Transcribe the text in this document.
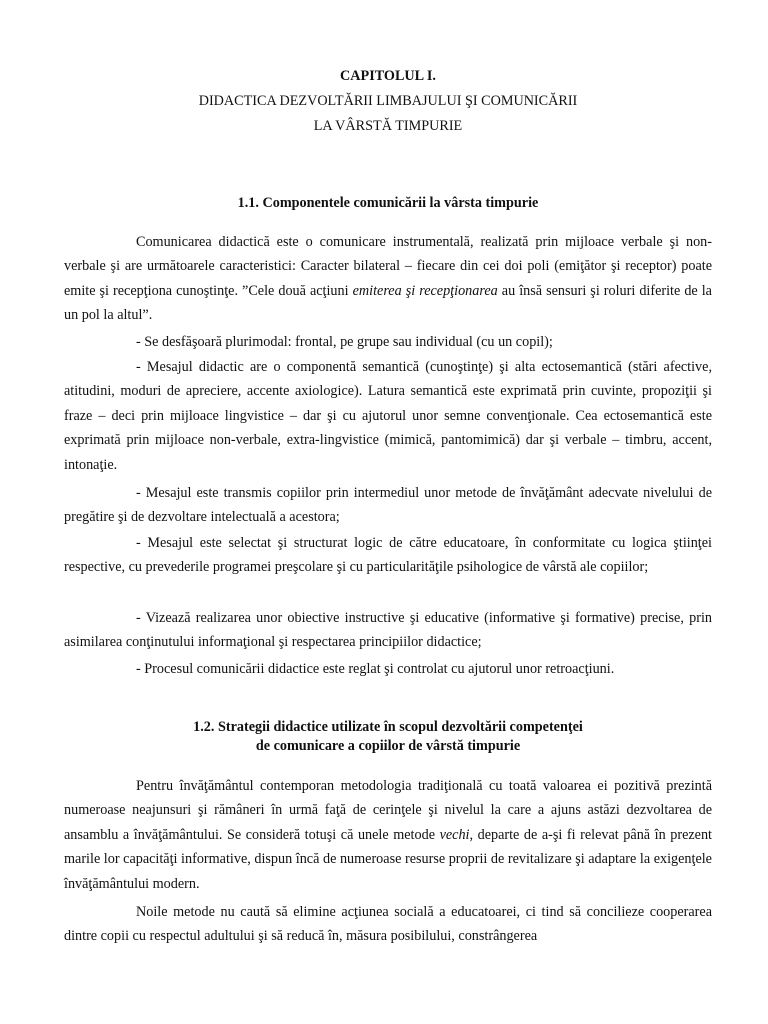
CAPITOLUL I.
DIDACTICA DEZVOLTĂRII LIMBAJULUI ŞI COMUNICĂRII
LA VÂRSTĂ TIMPURIE
1.1. Componentele comunicării la vârsta timpurie

Comunicarea didactică este o comunicare instrumentală, realizată prin mijloace verbale şi non-verbale şi are următoarele caracteristici: Caracter bilateral – fiecare din cei doi poli (emiţător şi receptor) poate emite şi recepţiona cunoştinţe. ”Cele două acţiuni emiterea şi recepţionarea au însă sensuri şi roluri diferite de la un pol la altul”.

- Se desfăşoară plurimodal: frontal, pe grupe sau individual (cu un copil);

- Mesajul didactic are o componentă semantică (cunoştinţe) şi alta ectosemantică (stări afective, atitudini, moduri de apreciere, accente axiologice). Latura semantică este exprimată prin cuvinte, propoziţii şi fraze – deci prin mijloace lingvistice – dar şi cu ajutorul unor semne convenţionale. Cea ectosemantică este exprimată prin mijloace non-verbale, extra-lingvistice (mimică, pantomimică) dar şi verbale – timbru, accent, intonaţie.

- Mesajul este transmis copiilor prin intermediul unor metode de învăţământ adecvate nivelului de pregătire şi de dezvoltare intelectuală a acestora;

- Mesajul este selectat şi structurat logic de către educatoare, în conformitate cu logica ştiinţei respective, cu prevederile programei preşcolare şi cu particularităţile psihologice de vârstă ale copiilor;

- Vizează realizarea unor obiective instructive şi educative (informative şi formative) precise, prin asimilarea conţinutului informaţional şi respectarea principiilor didactice;

- Procesul comunicării didactice este reglat şi controlat cu ajutorul unor retroacţiuni.

1.2. Strategii didactice utilizate în scopul dezvoltării competenţei
de comunicare a copiilor de vârstă timpurie

Pentru învăţământul contemporan metodologia tradiţională cu toată valoarea ei pozitivă prezintă numeroase neajunsuri şi rămâneri în urmă faţă de cerinţele şi nivelul la care a ajuns astăzi dezvoltarea de ansamblu a învăţământului. Se consideră totuşi că unele metode vechi, departe de a-şi fi relevat până în prezent marile lor capacităţi informative, dispun încă de numeroase resurse proprii de revitalizare şi adaptare la exigenţele învăţământului modern.

Noile metode nu caută să elimine acţiunea socială a educatoarei, ci tind să concilieze cooperarea dintre copii cu respectul adultului şi să reducă în, măsura posibilului, constrângerea
